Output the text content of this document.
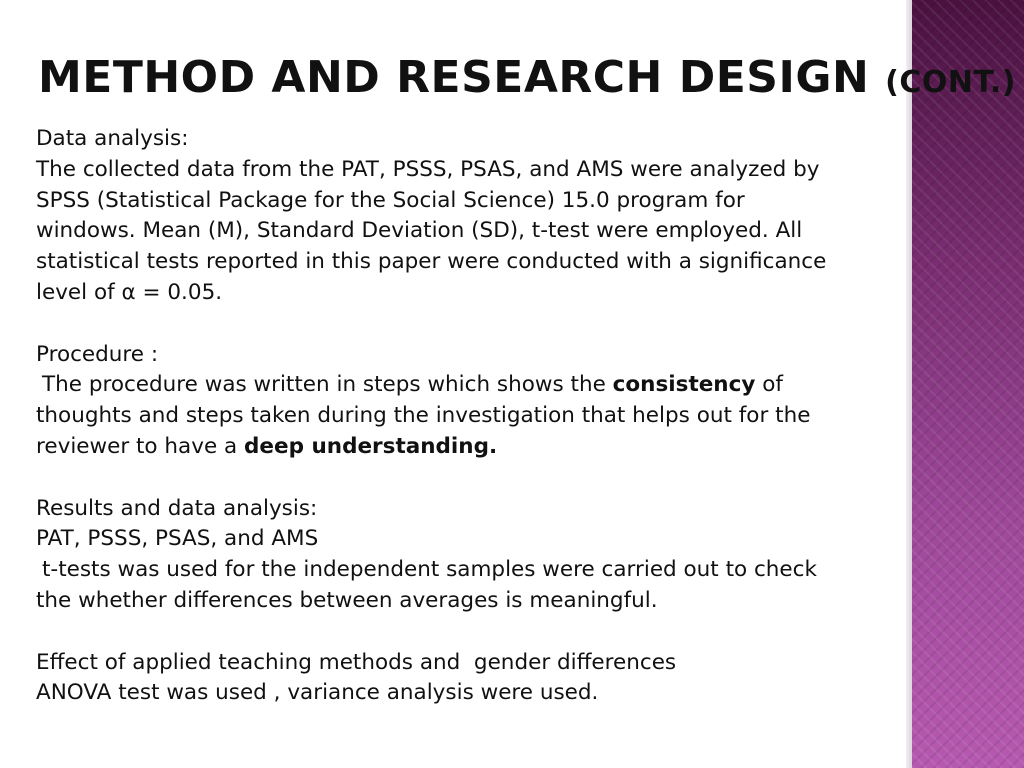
METHOD AND RESEARCH DESIGN (CONT.)

Data analysis:

The collected data from the PAT, PSSS, PSAS, and AMS were analyzed by

SPSS (Statistical Package for the Social Science) 15.0 program for

windows. Mean (M), Standard Deviation (SD), t-test were employed. All

statistical tests reported in this paper were conducted with a significance

level of α = 0.05.

Procedure :

The procedure was written in steps which shows the consistency of

thoughts and steps taken during the investigation that helps out for the

reviewer to have a deep understanding.

Results and data analysis:

PAT, PSSS, PSAS, and AMS

t-tests was used for the independent samples were carried out to check

the whether differences between averages is meaningful.

Effect of applied teaching methods and  gender differences

ANOVA test was used , variance analysis were used.
